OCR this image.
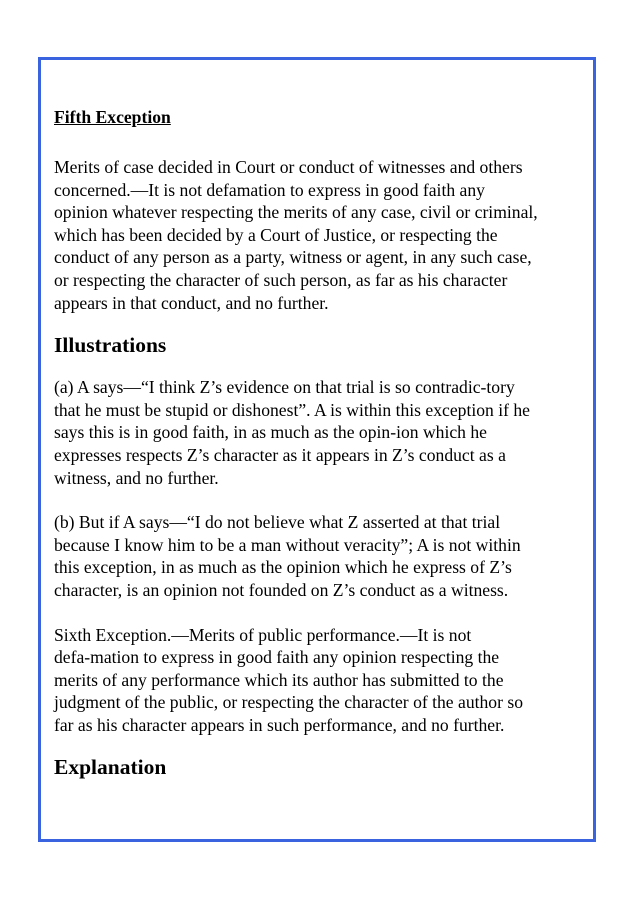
Fifth Exception

Merits of case decided in Court or conduct of witnesses and others
concerned.—It is not defamation to express in good faith any
opinion whatever respecting the merits of any case, civil or criminal,
which has been decided by a Court of Justice, or respecting the
conduct of any person as a party, witness or agent, in any such case,
or respecting the character of such person, as far as his character
appears in that conduct, and no further.

Illustrations

(a) A says—“I think Z’s evidence on that trial is so contradic-tory
that he must be stupid or dishonest”. A is within this exception if he
says this is in good faith, in as much as the opin-ion which he
expresses respects Z’s character as it appears in Z’s conduct as a
witness, and no further.

(b) But if A says—“I do not believe what Z asserted at that trial
because I know him to be a man without veracity”; A is not within
this exception, in as much as the opinion which he express of Z’s
character, is an opinion not founded on Z’s conduct as a witness.

Sixth Exception.—Merits of public performance.—It is not
defa-mation to express in good faith any opinion respecting the
merits of any performance which its author has submitted to the
judgment of the public, or respecting the character of the author so
far as his character appears in such performance, and no further.

Explanation
